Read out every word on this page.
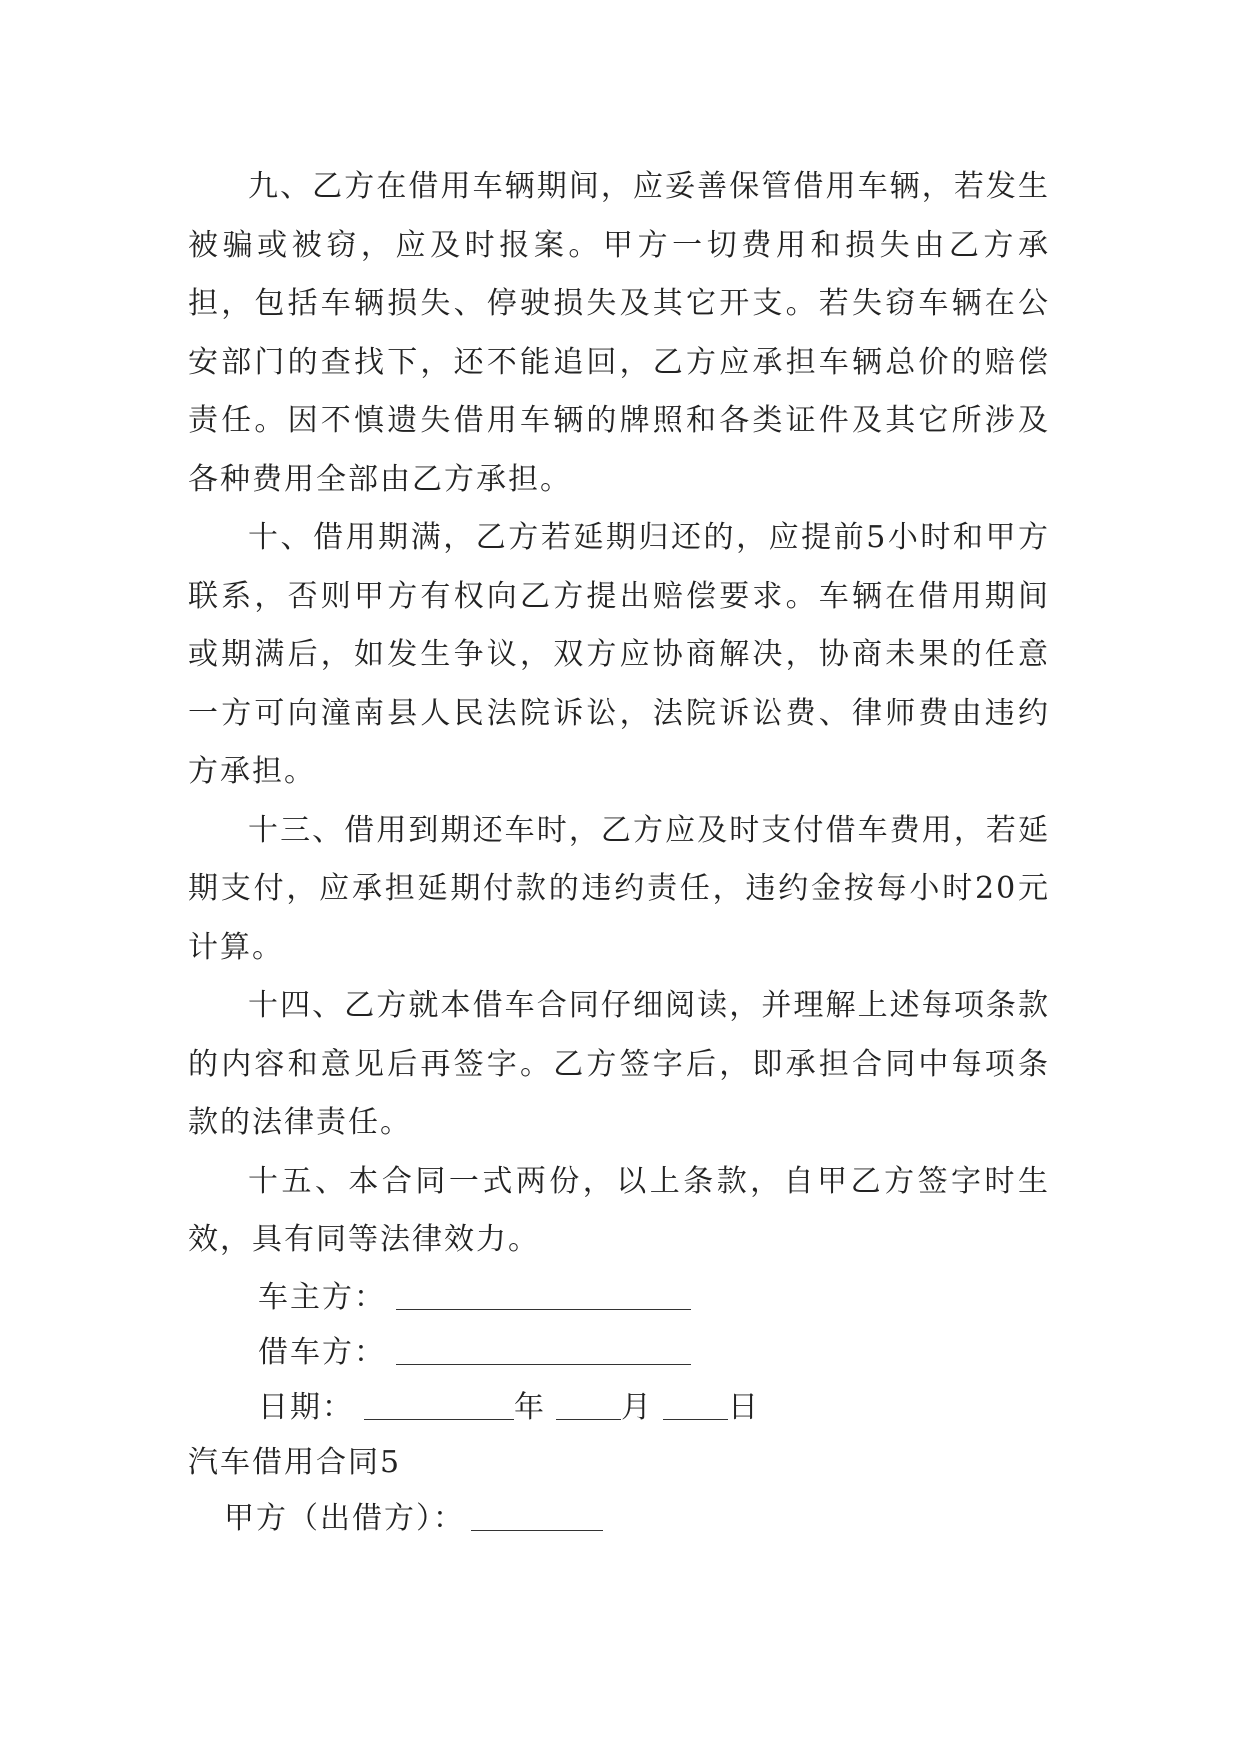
九、乙方在借用车辆期间，应妥善保管借用车辆，若发生被骗或被窃，应及时报案。甲方一切费用和损失由乙方承担，包括车辆损失、停驶损失及其它开支。若失窃车辆在公安部门的查找下，还不能追回，乙方应承担车辆总价的赔偿责任。因不慎遗失借用车辆的牌照和各类证件及其它所涉及各种费用全部由乙方承担。

十、借用期满，乙方若延期归还的，应提前5小时和甲方联系，否则甲方有权向乙方提出赔偿要求。车辆在借用期间或期满后，如发生争议，双方应协商解决，协商未果的任意一方可向潼南县人民法院诉讼，法院诉讼费、律师费由违约方承担。

十三、借用到期还车时，乙方应及时支付借车费用，若延期支付，应承担延期付款的违约责任，违约金按每小时20元计算。

十四、乙方就本借车合同仔细阅读，并理解上述每项条款的内容和意见后再签字。乙方签字后，即承担合同中每项条款的法律责任。

十五、本合同一式两份，以上条款，自甲乙方签字时生效，具有同等法律效力。

车主方：

借车方：

日期：	年	月	日

汽车借用合同5

甲方（出借方）：
